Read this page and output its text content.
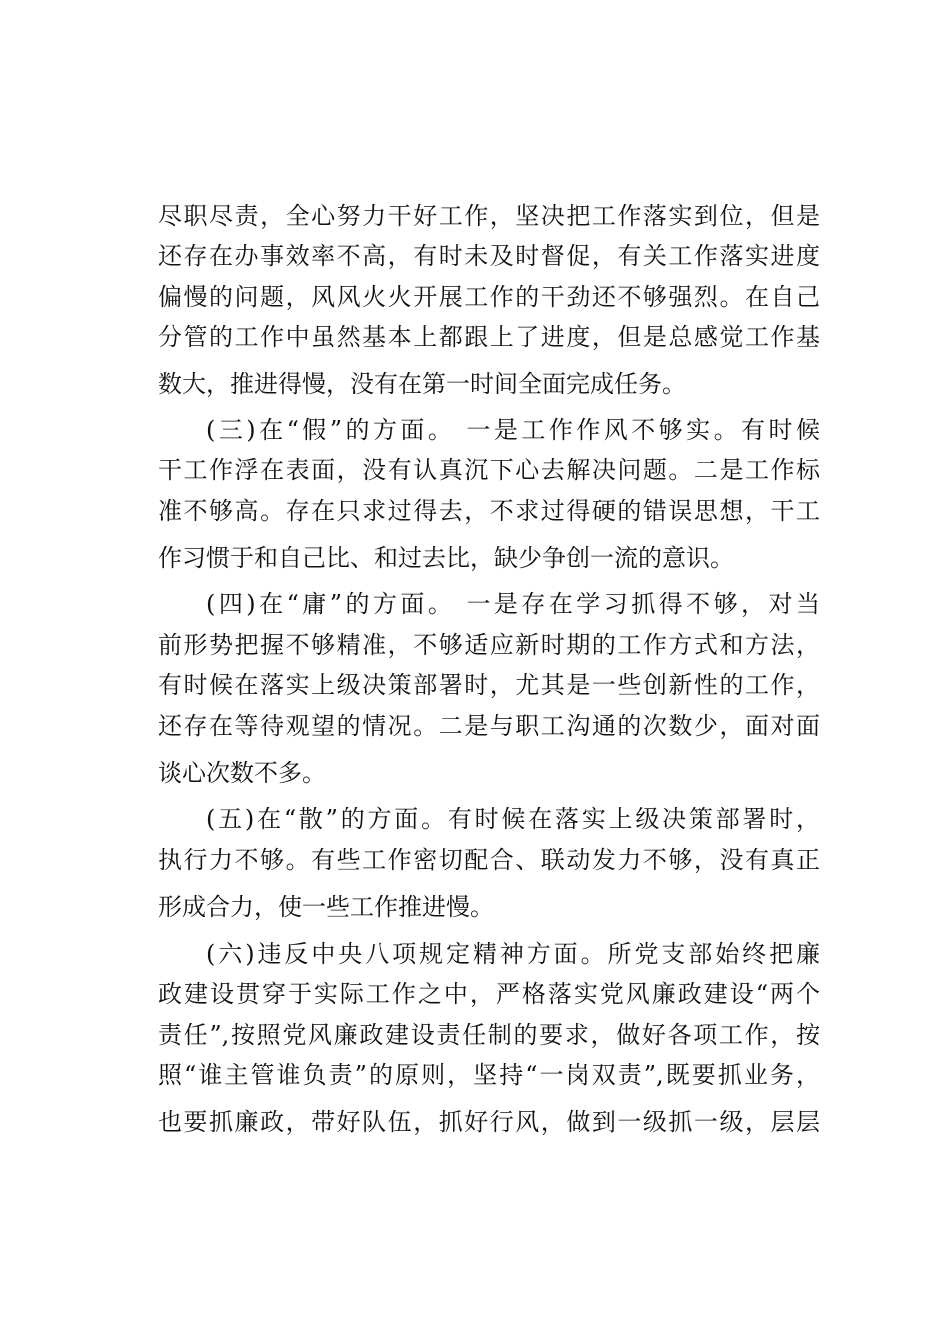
尽职尽责，全心努力干好工作，坚决把工作落实到位，但是
还存在办事效率不高，有时未及时督促，有关工作落实进度
偏慢的问题，风风火火开展工作的干劲还不够强烈。在自己
分管的工作中虽然基本上都跟上了进度，但是总感觉工作基
数大，推进得慢，没有在第一时间全面完成任务。
(三)在“假”的方面。 一是工作作风不够实。有时候
干工作浮在表面，没有认真沉下心去解决问题。二是工作标
准不够高。存在只求过得去，不求过得硬的错误思想，干工
作习惯于和自己比、和过去比，缺少争创一流的意识。
(四)在“庸”的方面。 一是存在学习抓得不够，对当
前形势把握不够精准，不够适应新时期的工作方式和方法，
有时候在落实上级决策部署时，尤其是一些创新性的工作，
还存在等待观望的情况。二是与职工沟通的次数少，面对面
谈心次数不多。
(五)在“散”的方面。有时候在落实上级决策部署时，
执行力不够。有些工作密切配合、联动发力不够，没有真正
形成合力，使一些工作推进慢。
(六)违反中央八项规定精神方面。所党支部始终把廉
政建设贯穿于实际工作之中，严格落实党风廉政建设“两个
责任”,按照党风廉政建设责任制的要求，做好各项工作，按
照“谁主管谁负责”的原则，坚持“一岗双责”,既要抓业务，
也要抓廉政，带好队伍，抓好行风，做到一级抓一级，层层
